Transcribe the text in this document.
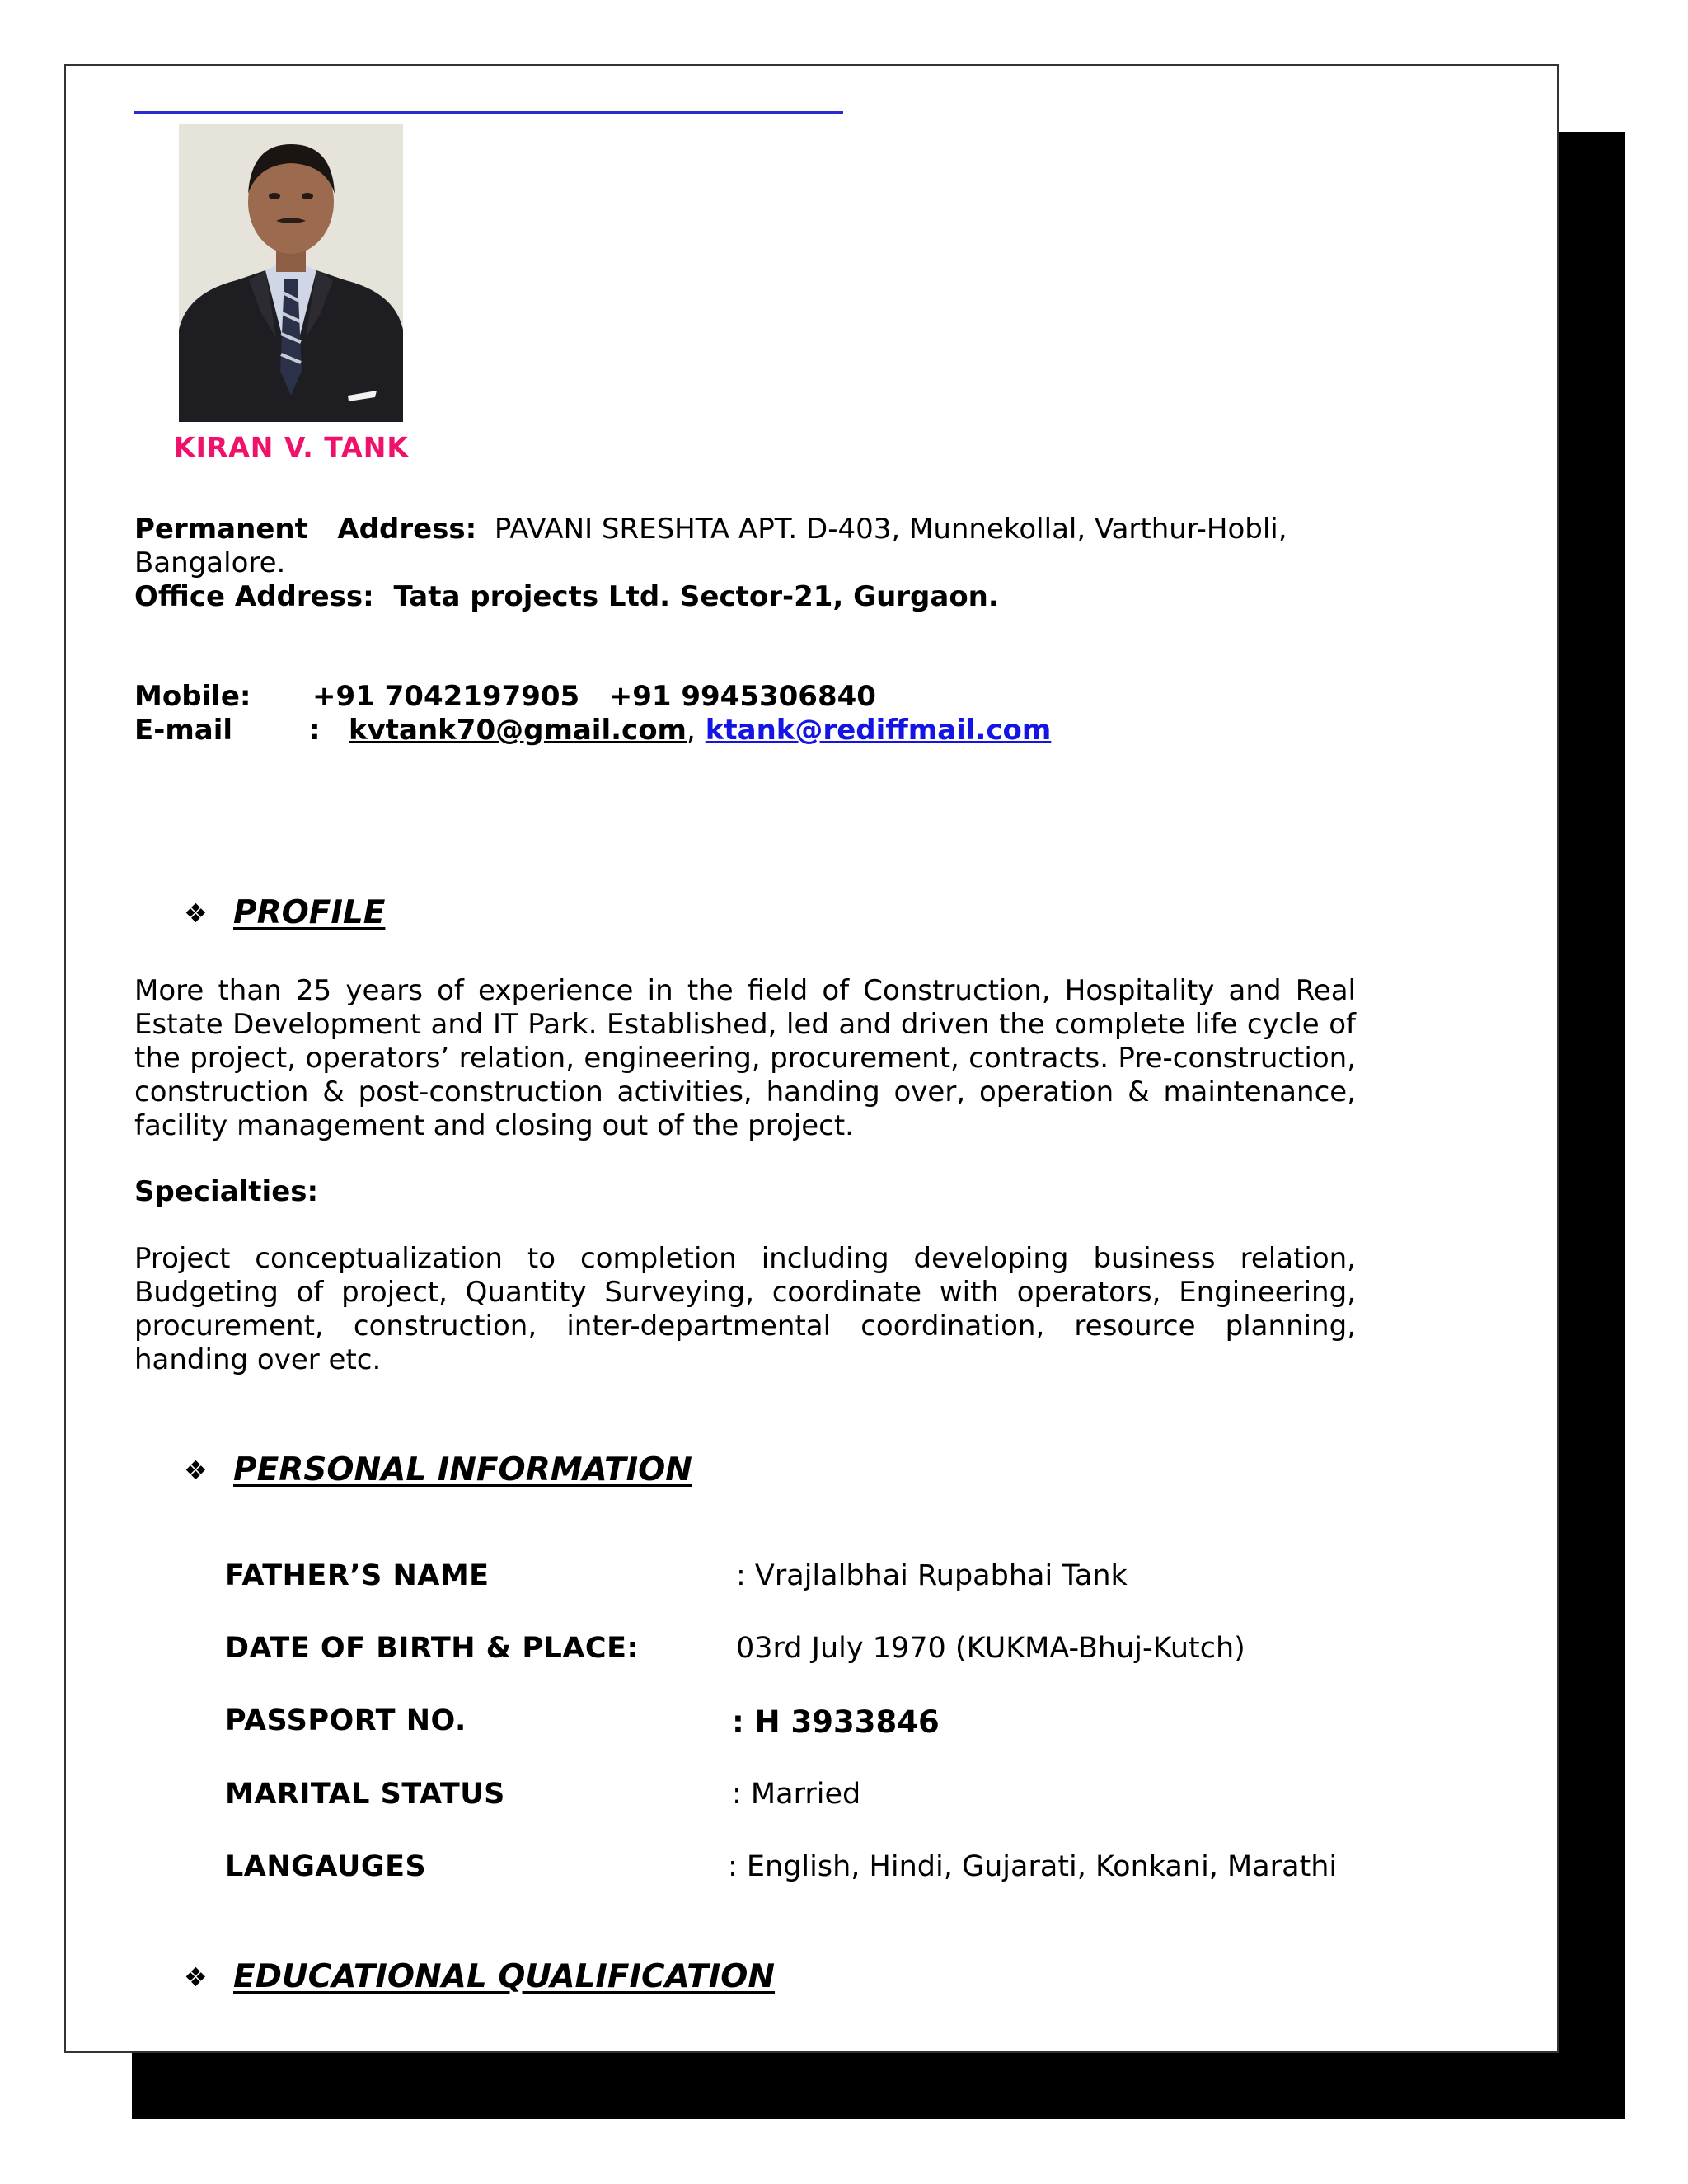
KIRAN V. TANK
Permanent   Address: PAVANI SRESHTA APT. D-403, Munnekollal, Varthur-Hobli, Bangalore.
Office Address: Tata projects Ltd. Sector-21, Gurgaon.
Mobile:	+91 7042197905   +91 9945306840
E-mail	:	kvtank70@gmail.com , ktank@rediffmail.com
❖ PROFILE
More than 25 years of experience in the field of Construction, Hospitality and Real Estate Development and IT Park. Established, led and driven the complete life cycle of the project, operators’ relation, engineering, procurement, contracts. Pre-construction, construction & post-construction activities, handing over, operation & maintenance, facility management and closing out of the project.
Specialties:
Project conceptualization to completion including developing business relation, Budgeting of project, Quantity Surveying, coordinate with operators, Engineering, procurement, construction, inter-departmental coordination, resource planning, handing over etc.
❖ PERSONAL INFORMATION
FATHER’S NAME	: Vrajlalbhai Rupabhai Tank
DATE OF BIRTH & PLACE:	03rd July 1970 (KUKMA-Bhuj-Kutch)
PASSPORT NO.	: H 3933846
MARITAL STATUS	: Married
LANGAUGES	: English, Hindi, Gujarati, Konkani, Marathi
❖ EDUCATIONAL QUALIFICATION
